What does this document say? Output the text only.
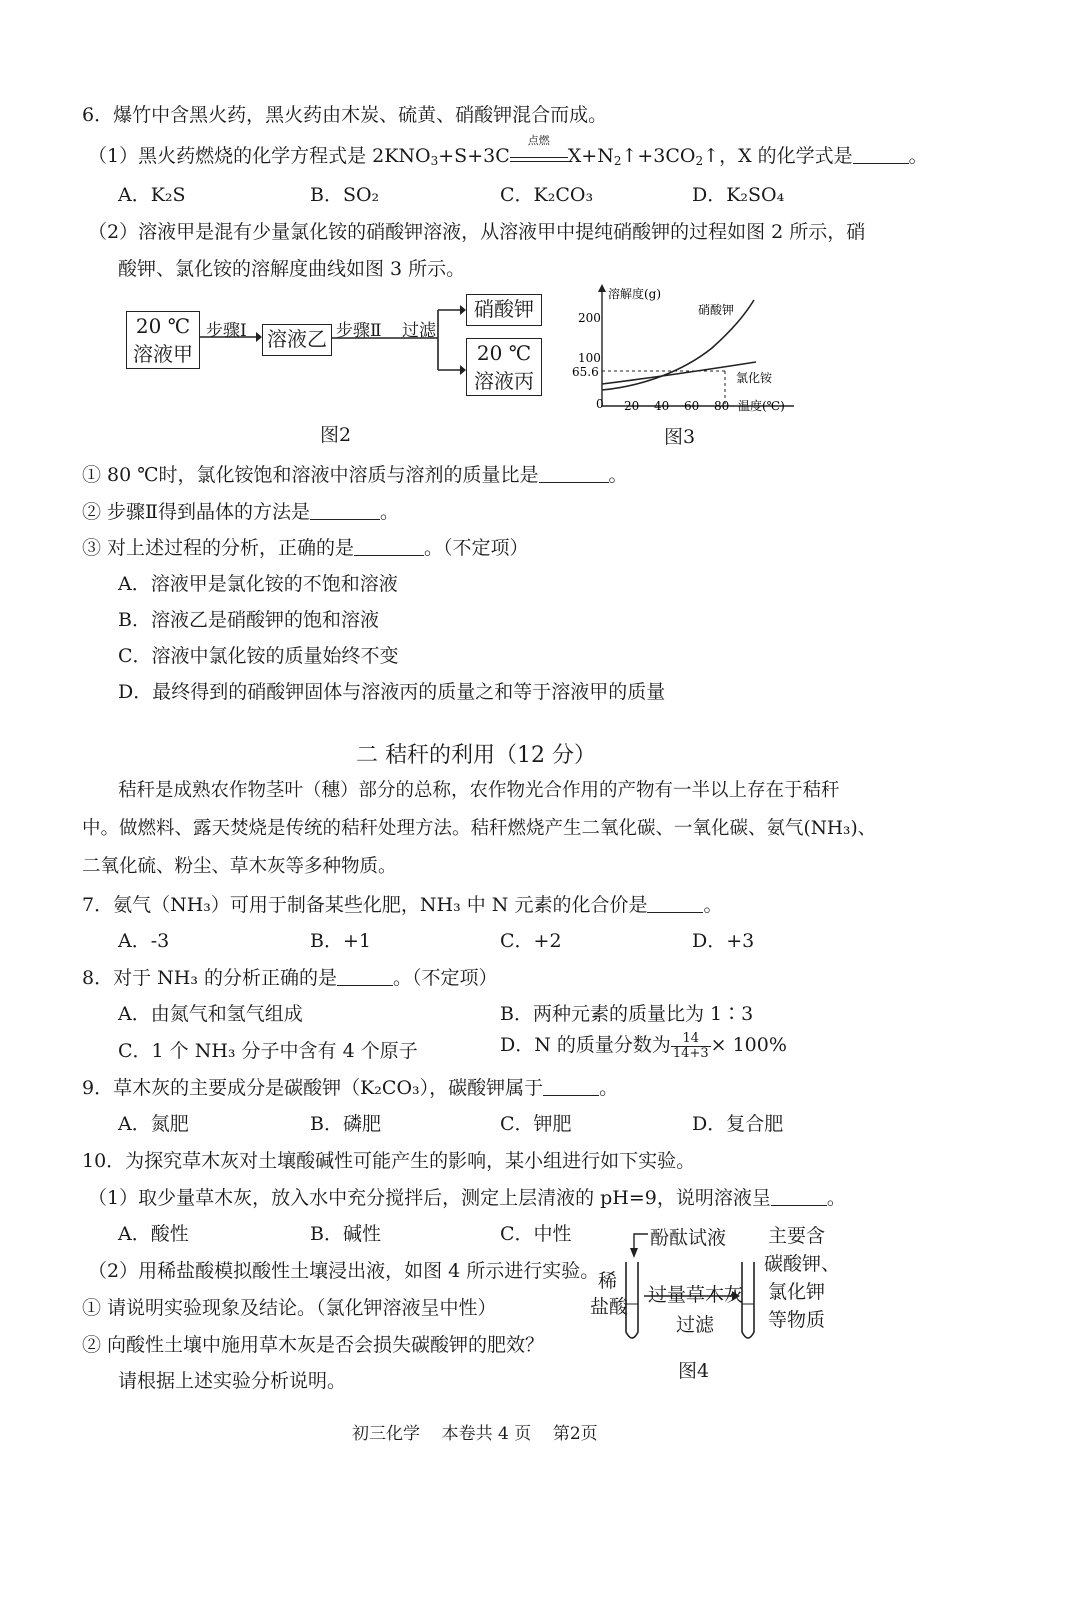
6．爆竹中含黑火药，黑火药由木炭、硫黄、硝酸钾混合而成。
（1）黑火药燃烧的化学方程式是 $2KNO_3+S+3C$
点燃
$X+N_2↑+3CO_2↑$，X 的化学式是	。
A．K₂S	B．SO₂	C．K₂CO₃	D．K₂SO₄
（2）溶液甲是混有少量氯化铵的硝酸钾溶液，从溶液甲中提纯硝酸钾的过程如图 2 所示，硝
酸钾、氯化铵的溶解度曲线如图 3 所示。
20 ℃
溶液甲
步骤Ⅰ 溶液乙 步骤Ⅱ 过滤
硝酸钾
20 ℃
溶液丙
图2
溶解度(g)
200
100
65.6
0 20 40 60 80 温度(℃)
硝酸钾
氯化铵
图3
① 80 ℃时，氯化铵饱和溶液中溶质与溶剂的质量比是	。
② 步骤Ⅱ得到晶体的方法是	。
③ 对上述过程的分析，正确的是	。（不定项）
A．溶液甲是氯化铵的不饱和溶液
B．溶液乙是硝酸钾的饱和溶液
C．溶液中氯化铵的质量始终不变
D．最终得到的硝酸钾固体与溶液丙的质量之和等于溶液甲的质量
二 秸秆的利用（12 分）
秸秆是成熟农作物茎叶（穗）部分的总称，农作物光合作用的产物有一半以上存在于秸秆
中。做燃料、露天焚烧是传统的秸秆处理方法。秸秆燃烧产生二氧化碳、一氧化碳、氨气(NH₃)、
二氧化硫、粉尘、草木灰等多种物质。
7．氨气（NH₃）可用于制备某些化肥，NH₃ 中 N 元素的化合价是	。
A．-3	B．+1	C．+2	D．+3
8．对于 NH₃ 的分析正确的是	。（不定项）
A．由氮气和氢气组成	B．两种元素的质量比为 1∶3
C．1 个 NH₃ 分子中含有 4 个原子	D．N 的质量分数为 $\frac{14}{14+3} \times 100\%$
9．草木灰的主要成分是碳酸钾（K₂CO₃），碳酸钾属于	。
A．氮肥	B．磷肥	C．钾肥	D．复合肥
10．为探究草木灰对土壤酸碱性可能产生的影响，某小组进行如下实验。
（1）取少量草木灰，放入水中充分搅拌后，测定上层清液的 pH=9，说明溶液呈	。
A．酸性	B．碱性	C．中性
（2）用稀盐酸模拟酸性土壤浸出液，如图 4 所示进行实验。
① 请说明实验现象及结论。（氯化钾溶液呈中性）
② 向酸性土壤中施用草木灰是否会损失碳酸钾的肥效？
请根据上述实验分析说明。
酚酞试液
稀
盐酸
过量草木灰
过滤
主要含
碳酸钾、
氯化钾
等物质
图4
初三化学    本卷共 4 页    第2页
